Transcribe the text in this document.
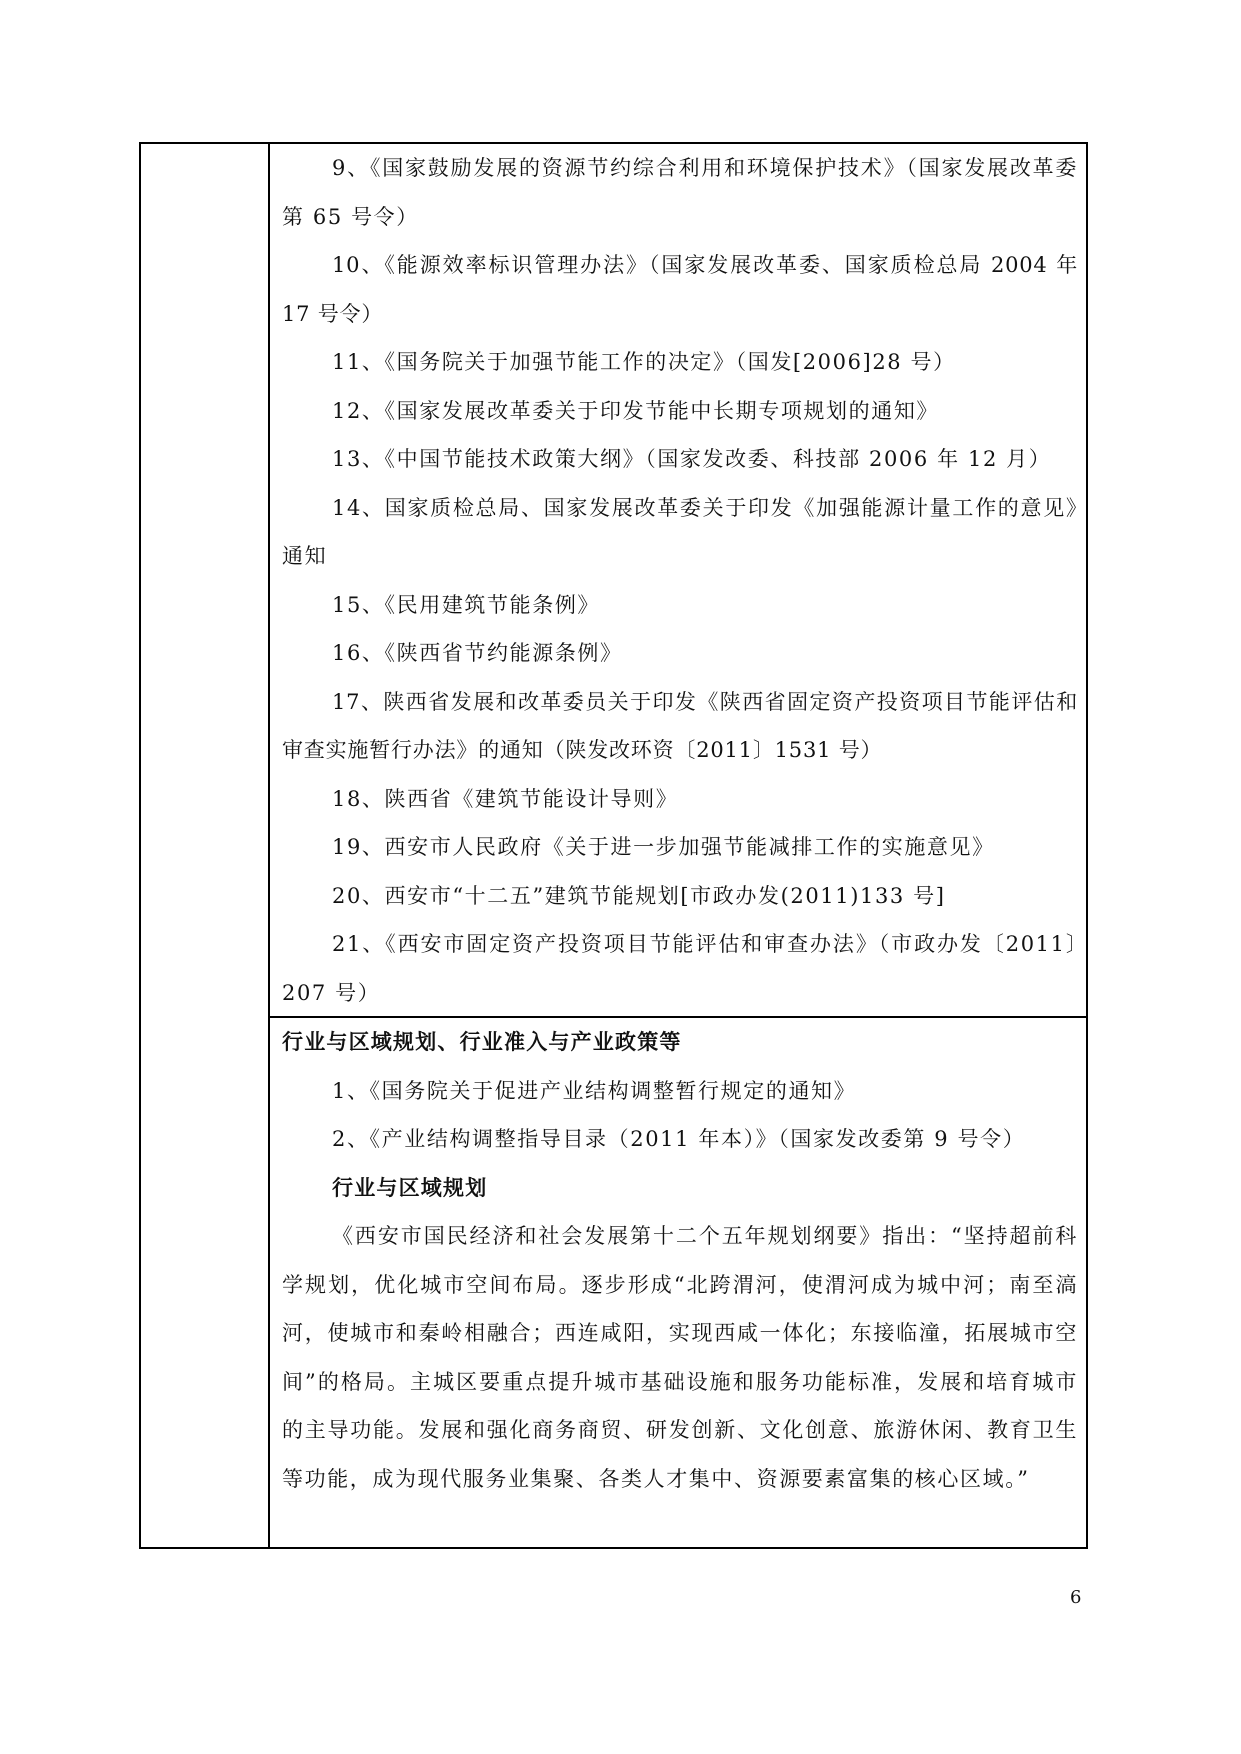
9、《国家鼓励发展的资源节约综合利用和环境保护技术》（国家发展改革委第 65 号令）

10、《能源效率标识管理办法》（国家发展改革委、国家质检总局 2004 年 17 号令）

11、《国务院关于加强节能工作的决定》（国发[2006]28 号）

12、《国家发展改革委关于印发节能中长期专项规划的通知》

13、《中国节能技术政策大纲》（国家发改委、科技部 2006 年 12 月）

14、国家质检总局、国家发展改革委关于印发《加强能源计量工作的意见》通知

15、《民用建筑节能条例》

16、《陕西省节约能源条例》

17、陕西省发展和改革委员关于印发《陕西省固定资产投资项目节能评估和审查实施暂行办法》的通知（陕发改环资〔2011〕1531 号）

18、陕西省《建筑节能设计导则》

19、西安市人民政府《关于进一步加强节能减排工作的实施意见》

20、西安市“十二五”建筑节能规划[市政办发(2011)133 号]

21、《西安市固定资产投资项目节能评估和审查办法》（市政办发〔2011〕207 号）

行业与区域规划、行业准入与产业政策等

1、《国务院关于促进产业结构调整暂行规定的通知》

2、《产业结构调整指导目录（2011 年本）》（国家发改委第 9 号令）

行业与区域规划

《西安市国民经济和社会发展第十二个五年规划纲要》指出：“坚持超前科学规划，优化城市空间布局。逐步形成“北跨渭河，使渭河成为城中河；南至滈河，使城市和秦岭相融合；西连咸阳，实现西咸一体化；东接临潼，拓展城市空间”的格局。主城区要重点提升城市基础设施和服务功能标准，发展和培育城市的主导功能。发展和强化商务商贸、研发创新、文化创意、旅游休闲、教育卫生等功能，成为现代服务业集聚、各类人才集中、资源要素富集的核心区域。”

6
